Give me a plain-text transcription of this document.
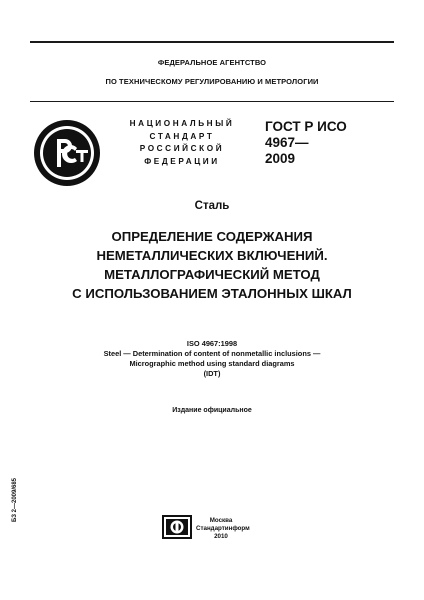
ФЕДЕРАЛЬНОЕ АГЕНТСТВО
ПО ТЕХНИЧЕСКОМУ РЕГУЛИРОВАНИЮ И МЕТРОЛОГИИ
НАЦИОНАЛЬНЫЙ
СТАНДАРТ
РОССИЙСКОЙ
ФЕДЕРАЦИИ
ГОСТ Р ИСО
4967—
2009
Сталь
ОПРЕДЕЛЕНИЕ СОДЕРЖАНИЯ
НЕМЕТАЛЛИЧЕСКИХ ВКЛЮЧЕНИЙ.
МЕТАЛЛОГРАФИЧЕСКИЙ МЕТОД
С ИСПОЛЬЗОВАНИЕМ ЭТАЛОННЫХ ШКАЛ
ISO 4967:1998
Steel — Determination of content of nonmetallic inclusions —
Micrographic method using standard diagrams
(IDT)
Издание официальное
БЗ 2—2009/685	Москва
Стандартинформ
2010
